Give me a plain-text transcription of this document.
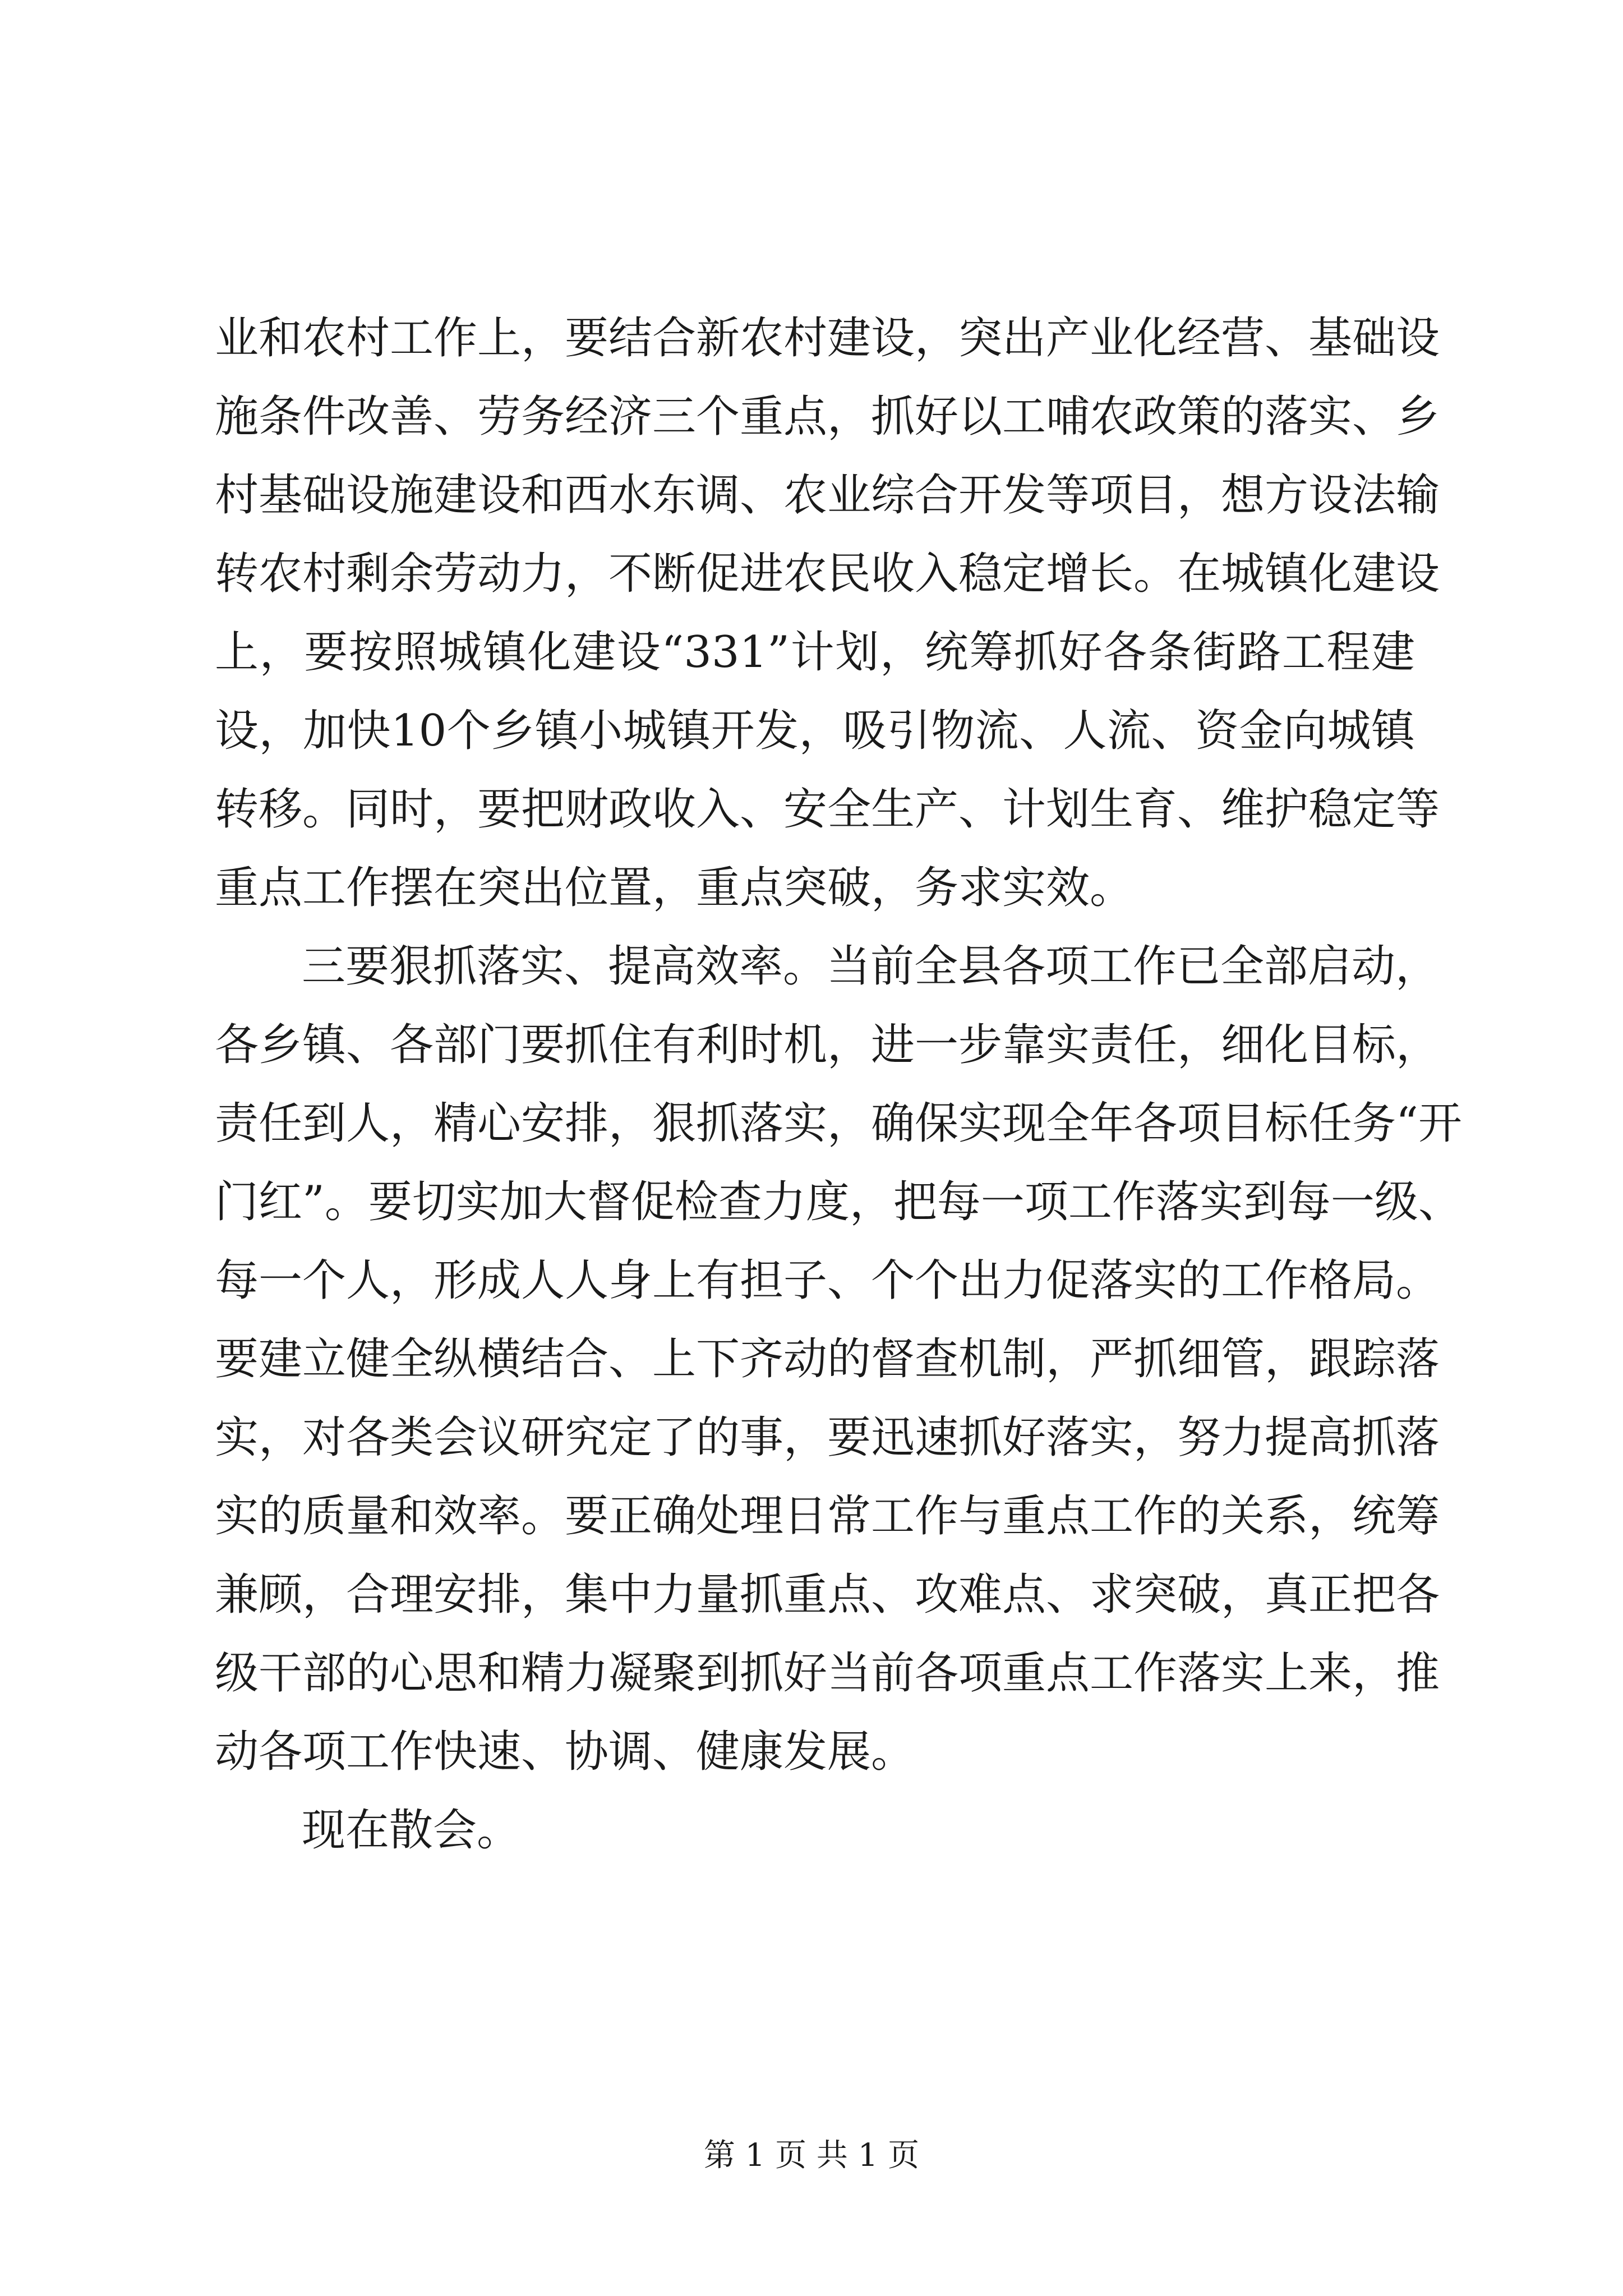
业和农村工作上，要结合新农村建设，突出产业化经营、基础设
施条件改善、劳务经济三个重点，抓好以工哺农政策的落实、乡
村基础设施建设和西水东调、农业综合开发等项目，想方设法输
转农村剩余劳动力，不断促进农民收入稳定增长。在城镇化建设
上，要按照城镇化建设“331”计划，统筹抓好各条街路工程建
设，加快10个乡镇小城镇开发，吸引物流、人流、资金向城镇
转移。同时，要把财政收入、安全生产、计划生育、维护稳定等
重点工作摆在突出位置，重点突破，务求实效。
三要狠抓落实、提高效率。当前全县各项工作已全部启动，
各乡镇、各部门要抓住有利时机，进一步靠实责任，细化目标，
责任到人，精心安排，狠抓落实，确保实现全年各项目标任务“开
门红”。要切实加大督促检查力度，把每一项工作落实到每一级、
每一个人，形成人人身上有担子、个个出力促落实的工作格局。
要建立健全纵横结合、上下齐动的督查机制，严抓细管，跟踪落
实，对各类会议研究定了的事，要迅速抓好落实，努力提高抓落
实的质量和效率。要正确处理日常工作与重点工作的关系，统筹
兼顾，合理安排，集中力量抓重点、攻难点、求突破，真正把各
级干部的心思和精力凝聚到抓好当前各项重点工作落实上来，推
动各项工作快速、协调、健康发展。
现在散会。
第 1 页 共 1 页
